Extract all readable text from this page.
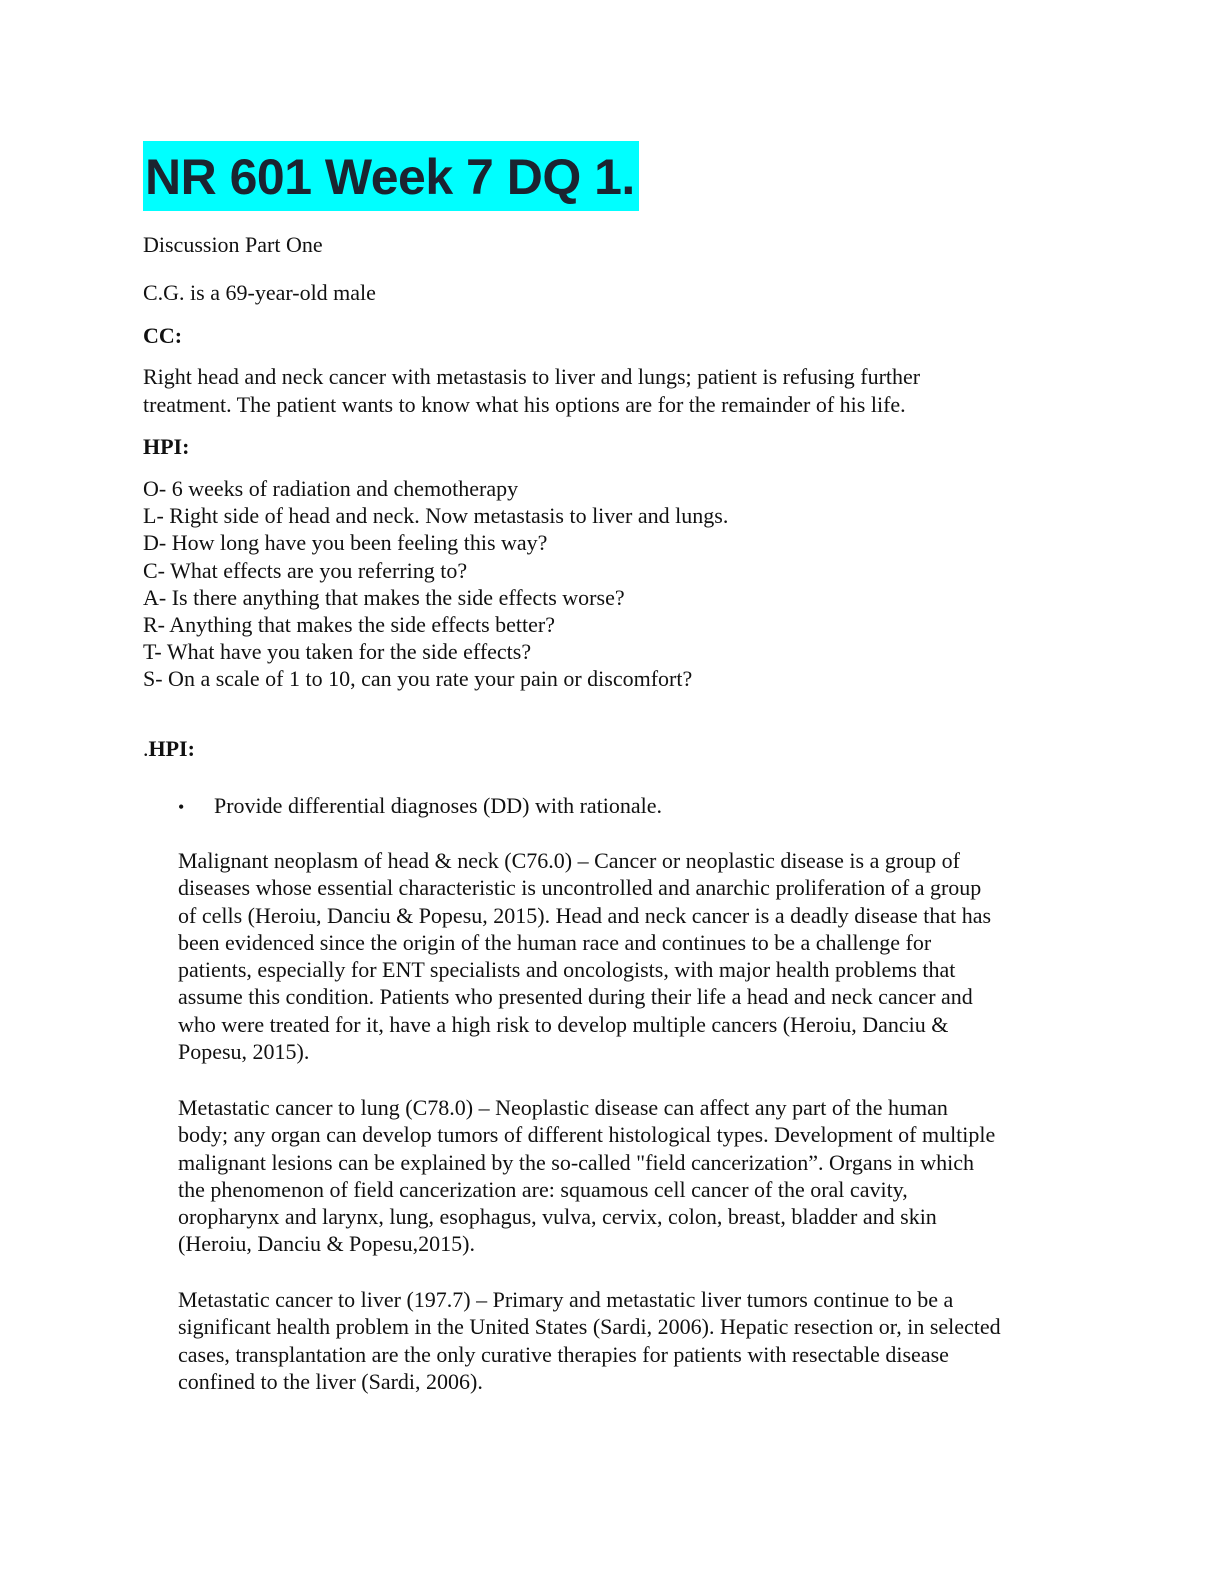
NR 601 Week 7 DQ 1.
Discussion Part One
C.G. is a 69-year-old male
CC:
Right head and neck cancer with metastasis to liver and lungs; patient is refusing further
treatment. The patient wants to know what his options are for the remainder of his life.
HPI:
O- 6 weeks of radiation and chemotherapy
L- Right side of head and neck. Now metastasis to liver and lungs.
D- How long have you been feeling this way?
C- What effects are you referring to?
A- Is there anything that makes the side effects worse?
R- Anything that makes the side effects better?
T- What have you taken for the side effects?
S- On a scale of 1 to 10, can you rate your pain or discomfort?
.HPI:
• Provide differential diagnoses (DD) with rationale.
Malignant neoplasm of head & neck (C76.0) – Cancer or neoplastic disease is a group of
diseases whose essential characteristic is uncontrolled and anarchic proliferation of a group
of cells (Heroiu, Danciu & Popesu, 2015). Head and neck cancer is a deadly disease that has
been evidenced since the origin of the human race and continues to be a challenge for
patients, especially for ENT specialists and oncologists, with major health problems that
assume this condition. Patients who presented during their life a head and neck cancer and
who were treated for it, have a high risk to develop multiple cancers (Heroiu, Danciu &
Popesu, 2015).
Metastatic cancer to lung (C78.0) – Neoplastic disease can affect any part of the human
body; any organ can develop tumors of different histological types. Development of multiple
malignant lesions can be explained by the so-called "field cancerization”. Organs in which
the phenomenon of field cancerization are: squamous cell cancer of the oral cavity,
oropharynx and larynx, lung, esophagus, vulva, cervix, colon, breast, bladder and skin
(Heroiu, Danciu & Popesu,2015).
Metastatic cancer to liver (197.7) – Primary and metastatic liver tumors continue to be a
significant health problem in the United States (Sardi, 2006). Hepatic resection or, in selected
cases, transplantation are the only curative therapies for patients with resectable disease
confined to the liver (Sardi, 2006).
